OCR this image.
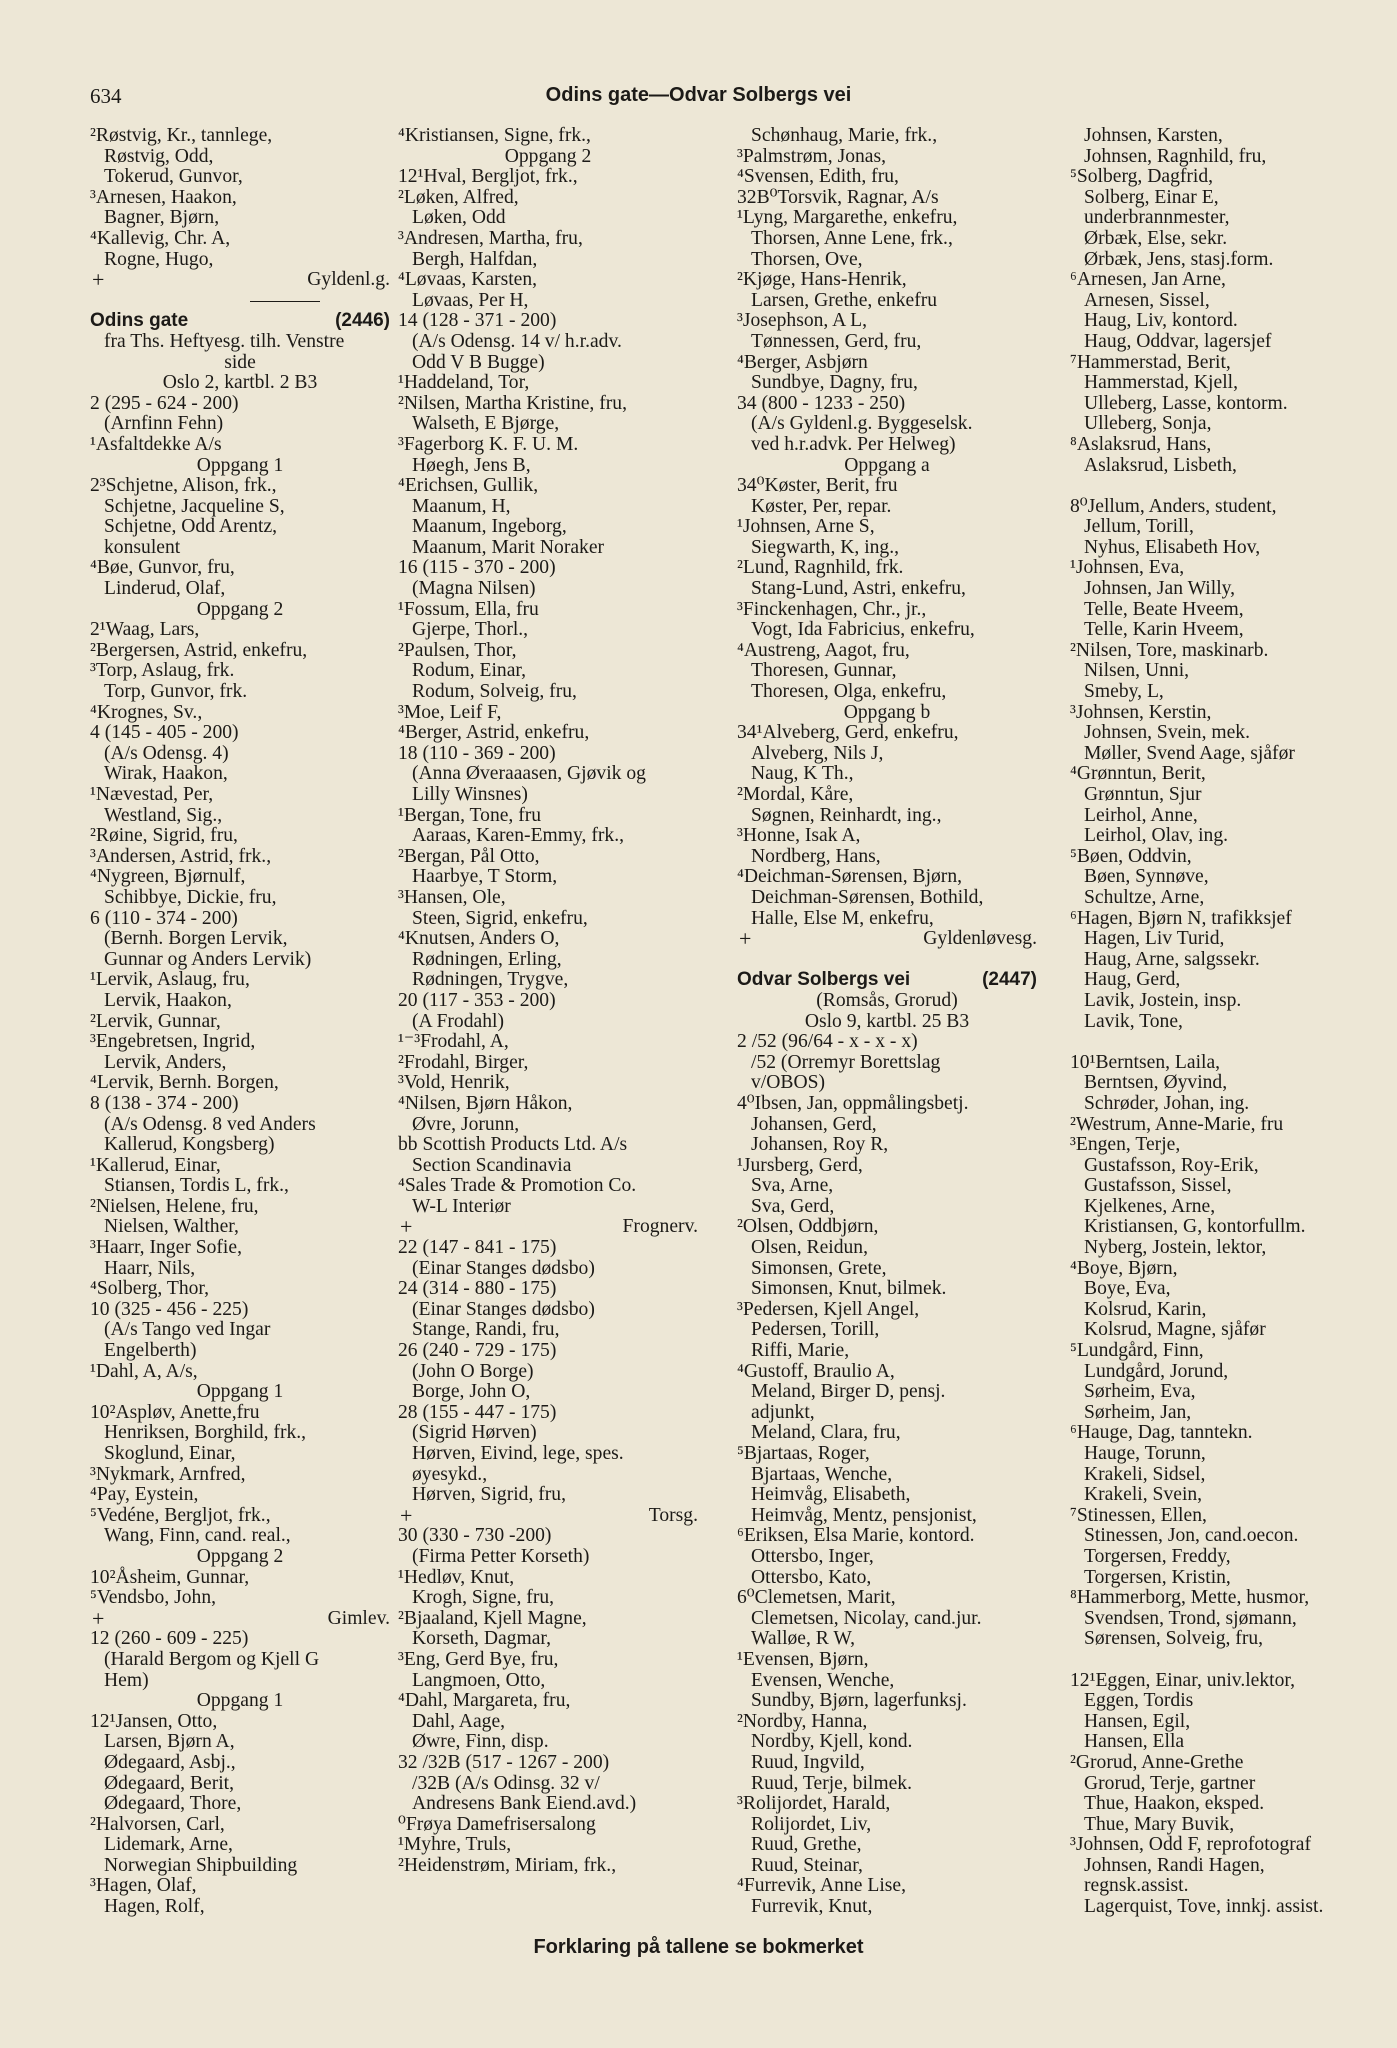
634	Odins gate—Odvar Solbergs vei
²Røstvig, Kr., tannlege,
Røstvig, Odd,
Tokerud, Gunvor,
³Arnesen, Haakon,
Bagner, Bjørn,
⁴Kallevig, Chr. A,
Rogne, Hugo,
+	Gyldenl.g.
Odins gate	(2446)
fra Ths. Heftyesg. tilh. Venstre
side
Oslo 2, kartbl. 2 B3
2 (295 - 624 - 200)
(Arnfinn Fehn)
¹Asfaltdekke A/s
Oppgang 1
2³Schjetne, Alison, frk.,
Schjetne, Jacqueline S,
Schjetne, Odd Arentz,
konsulent
⁴Bøe, Gunvor, fru,
Linderud, Olaf,
Oppgang 2
2¹Waag, Lars,
²Bergersen, Astrid, enkefru,
³Torp, Aslaug, frk.
Torp, Gunvor, frk.
⁴Krognes, Sv.,
4 (145 - 405 - 200)
(A/s Odensg. 4)
Wirak, Haakon,
¹Nævestad, Per,
Westland, Sig.,
²Røine, Sigrid, fru,
³Andersen, Astrid, frk.,
⁴Nygreen, Bjørnulf,
Schibbye, Dickie, fru,
6 (110 - 374 - 200)
(Bernh. Borgen Lervik,
Gunnar og Anders Lervik)
¹Lervik, Aslaug, fru,
Lervik, Haakon,
²Lervik, Gunnar,
³Engebretsen, Ingrid,
Lervik, Anders,
⁴Lervik, Bernh. Borgen,
8 (138 - 374 - 200)
(A/s Odensg. 8 ved Anders
Kallerud, Kongsberg)
¹Kallerud, Einar,
Stiansen, Tordis L, frk.,
²Nielsen, Helene, fru,
Nielsen, Walther,
³Haarr, Inger Sofie,
Haarr, Nils,
⁴Solberg, Thor,
10 (325 - 456 - 225)
(A/s Tango ved Ingar
Engelberth)
¹Dahl, A, A/s,
Oppgang 1
10²Aspløv, Anette,fru
Henriksen, Borghild, frk.,
Skoglund, Einar,
³Nykmark, Arnfred,
⁴Pay, Eystein,
⁵Vedéne, Bergljot, frk.,
Wang, Finn, cand. real.,
Oppgang 2
10²Åsheim, Gunnar,
⁵Vendsbo, John,
+	Gimlev.
12 (260 - 609 - 225)
(Harald Bergom og Kjell G
Hem)
Oppgang 1
12¹Jansen, Otto,
Larsen, Bjørn A,
Ødegaard, Asbj.,
Ødegaard, Berit,
Ødegaard, Thore,
²Halvorsen, Carl,
Lidemark, Arne,
Norwegian Shipbuilding
³Hagen, Olaf,
Hagen, Rolf,
⁴Kristiansen, Signe, frk.,
Oppgang 2
12¹Hval, Bergljot, frk.,
²Løken, Alfred,
Løken, Odd
³Andresen, Martha, fru,
Bergh, Halfdan,
⁴Løvaas, Karsten,
Løvaas, Per H,
14 (128 - 371 - 200)
(A/s Odensg. 14 v/ h.r.adv.
Odd V B Bugge)
¹Haddeland, Tor,
²Nilsen, Martha Kristine, fru,
Walseth, E Bjørge,
³Fagerborg K. F. U. M.
Høegh, Jens B,
⁴Erichsen, Gullik,
Maanum, H,
Maanum, Ingeborg,
Maanum, Marit Noraker
16 (115 - 370 - 200)
(Magna Nilsen)
¹Fossum, Ella, fru
Gjerpe, Thorl.,
²Paulsen, Thor,
Rodum, Einar,
Rodum, Solveig, fru,
³Moe, Leif F,
⁴Berger, Astrid, enkefru,
18 (110 - 369 - 200)
(Anna Øveraaasen, Gjøvik og
Lilly Winsnes)
¹Bergan, Tone, fru
Aaraas, Karen-Emmy, frk.,
²Bergan, Pål Otto,
Haarbye, T Storm,
³Hansen, Ole,
Steen, Sigrid, enkefru,
⁴Knutsen, Anders O,
Rødningen, Erling,
Rødningen, Trygve,
20 (117 - 353 - 200)
(A Frodahl)
¹⁻³Frodahl, A,
²Frodahl, Birger,
³Vold, Henrik,
⁴Nilsen, Bjørn Håkon,
Øvre, Jorunn,
bb Scottish Products Ltd. A/s
Section Scandinavia
⁴Sales Trade & Promotion Co.
W-L Interiør
+	Frognerv.
22 (147 - 841 - 175)
(Einar Stanges dødsbo)
24 (314 - 880 - 175)
(Einar Stanges dødsbo)
Stange, Randi, fru,
26 (240 - 729 - 175)
(John O Borge)
Borge, John O,
28 (155 - 447 - 175)
(Sigrid Hørven)
Hørven, Eivind, lege, spes.
øyesykd.,
Hørven, Sigrid, fru,
+	Torsg.
30 (330 - 730 -200)
(Firma Petter Korseth)
¹Hedløv, Knut,
Krogh, Signe, fru,
²Bjaaland, Kjell Magne,
Korseth, Dagmar,
³Eng, Gerd Bye, fru,
Langmoen, Otto,
⁴Dahl, Margareta, fru,
Dahl, Aage,
Øwre, Finn, disp.
32 /32B (517 - 1267 - 200)
/32B (A/s Odinsg. 32 v/
Andresens Bank Eiend.avd.)
⁰Frøya Damefrisersalong
¹Myhre, Truls,
²Heidenstrøm, Miriam, frk.,
Schønhaug, Marie, frk.,
³Palmstrøm, Jonas,
⁴Svensen, Edith, fru,
32B⁰Torsvik, Ragnar, A/s
¹Lyng, Margarethe, enkefru,
Thorsen, Anne Lene, frk.,
Thorsen, Ove,
²Kjøge, Hans-Henrik,
Larsen, Grethe, enkefru
³Josephson, A L,
Tønnessen, Gerd, fru,
⁴Berger, Asbjørn
Sundbye, Dagny, fru,
34 (800 - 1233 - 250)
(A/s Gyldenl.g. Byggeselsk.
ved h.r.advk. Per Helweg)
Oppgang a
34⁰Køster, Berit, fru
Køster, Per, repar.
¹Johnsen, Arne S,
Siegwarth, K, ing.,
²Lund, Ragnhild, frk.
Stang-Lund, Astri, enkefru,
³Finckenhagen, Chr., jr.,
Vogt, Ida Fabricius, enkefru,
⁴Austreng, Aagot, fru,
Thoresen, Gunnar,
Thoresen, Olga, enkefru,
Oppgang b
34¹Alveberg, Gerd, enkefru,
Alveberg, Nils J,
Naug, K Th.,
²Mordal, Kåre,
Søgnen, Reinhardt, ing.,
³Honne, Isak A,
Nordberg, Hans,
⁴Deichman-Sørensen, Bjørn,
Deichman-Sørensen, Bothild,
Halle, Else M, enkefru,
+	Gyldenløvesg.
Odvar Solbergs vei	(2447)
(Romsås, Grorud)
Oslo 9, kartbl. 25 B3
2 /52 (96/64 - x - x - x)
/52 (Orremyr Borettslag
v/OBOS)
4⁰Ibsen, Jan, oppmålingsbetj.
Johansen, Gerd,
Johansen, Roy R,
¹Jursberg, Gerd,
Sva, Arne,
Sva, Gerd,
²Olsen, Oddbjørn,
Olsen, Reidun,
Simonsen, Grete,
Simonsen, Knut, bilmek.
³Pedersen, Kjell Angel,
Pedersen, Torill,
Riffi, Marie,
⁴Gustoff, Braulio A,
Meland, Birger D, pensj.
adjunkt,
Meland, Clara, fru,
⁵Bjartaas, Roger,
Bjartaas, Wenche,
Heimvåg, Elisabeth,
Heimvåg, Mentz, pensjonist,
⁶Eriksen, Elsa Marie, kontord.
Ottersbo, Inger,
Ottersbo, Kato,
6⁰Clemetsen, Marit,
Clemetsen, Nicolay, cand.jur.
Walløe, R W,
¹Evensen, Bjørn,
Evensen, Wenche,
Sundby, Bjørn, lagerfunksj.
²Nordby, Hanna,
Nordby, Kjell, kond.
Ruud, Ingvild,
Ruud, Terje, bilmek.
³Rolijordet, Harald,
Rolijordet, Liv,
Ruud, Grethe,
Ruud, Steinar,
⁴Furrevik, Anne Lise,
Furrevik, Knut,
Johnsen, Karsten,
Johnsen, Ragnhild, fru,
⁵Solberg, Dagfrid,
Solberg, Einar E,
underbrannmester,
Ørbæk, Else, sekr.
Ørbæk, Jens, stasj.form.
⁶Arnesen, Jan Arne,
Arnesen, Sissel,
Haug, Liv, kontord.
Haug, Oddvar, lagersjef
⁷Hammerstad, Berit,
Hammerstad, Kjell,
Ulleberg, Lasse, kontorm.
Ulleberg, Sonja,
⁸Aslaksrud, Hans,
Aslaksrud, Lisbeth,
8⁰Jellum, Anders, student,
Jellum, Torill,
Nyhus, Elisabeth Hov,
¹Johnsen, Eva,
Johnsen, Jan Willy,
Telle, Beate Hveem,
Telle, Karin Hveem,
²Nilsen, Tore, maskinarb.
Nilsen, Unni,
Smeby, L,
³Johnsen, Kerstin,
Johnsen, Svein, mek.
Møller, Svend Aage, sjåfør
⁴Grønntun, Berit,
Grønntun, Sjur
Leirhol, Anne,
Leirhol, Olav, ing.
⁵Bøen, Oddvin,
Bøen, Synnøve,
Schultze, Arne,
⁶Hagen, Bjørn N, trafikksjef
Hagen, Liv Turid,
Haug, Arne, salgssekr.
Haug, Gerd,
Lavik, Jostein, insp.
Lavik, Tone,
10¹Berntsen, Laila,
Berntsen, Øyvind,
Schrøder, Johan, ing.
²Westrum, Anne-Marie, fru
³Engen, Terje,
Gustafsson, Roy-Erik,
Gustafsson, Sissel,
Kjelkenes, Arne,
Kristiansen, G, kontorfullm.
Nyberg, Jostein, lektor,
⁴Boye, Bjørn,
Boye, Eva,
Kolsrud, Karin,
Kolsrud, Magne, sjåfør
⁵Lundgård, Finn,
Lundgård, Jorund,
Sørheim, Eva,
Sørheim, Jan,
⁶Hauge, Dag, tanntekn.
Hauge, Torunn,
Krakeli, Sidsel,
Krakeli, Svein,
⁷Stinessen, Ellen,
Stinessen, Jon, cand.oecon.
Torgersen, Freddy,
Torgersen, Kristin,
⁸Hammerborg, Mette, husmor,
Svendsen, Trond, sjømann,
Sørensen, Solveig, fru,
12¹Eggen, Einar, univ.lektor,
Eggen, Tordis
Hansen, Egil,
Hansen, Ella
²Grorud, Anne-Grethe
Grorud, Terje, gartner
Thue, Haakon, eksped.
Thue, Mary Buvik,
³Johnsen, Odd F, reprofotograf
Johnsen, Randi Hagen,
regnsk.assist.
Lagerquist, Tove, innkj. assist.
Forklaring på tallene se bokmerket
